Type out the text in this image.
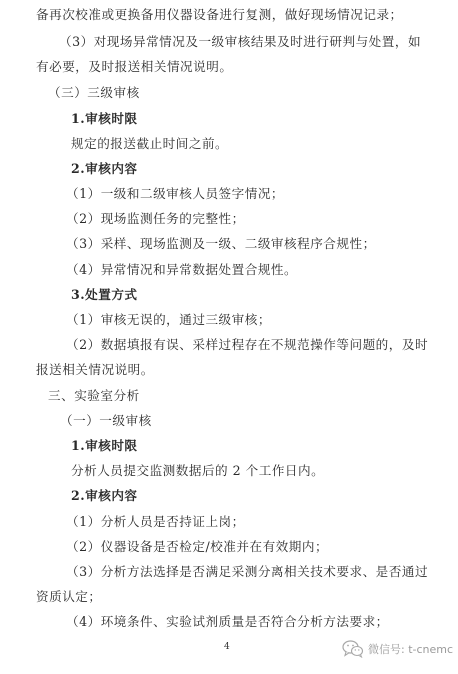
备再次校准或更换备用仪器设备进行复测，做好现场情况记录；
（3）对现场异常情况及一级审核结果及时进行研判与处置，如
有必要，及时报送相关情况说明。
（三）三级审核
1.审核时限
规定的报送截止时间之前。
2.审核内容
（1）一级和二级审核人员签字情况；
（2）现场监测任务的完整性；
（3）采样、现场监测及一级、二级审核程序合规性；
（4）异常情况和异常数据处置合规性。
3.处置方式
（1）审核无误的，通过三级审核；
（2）数据填报有误、采样过程存在不规范操作等问题的，及时
报送相关情况说明。
三、实验室分析
（一）一级审核
1.审核时限
分析人员提交监测数据后的 2 个工作日内。
2.审核内容
（1）分析人员是否持证上岗；
（2）仪器设备是否检定/校准并在有效期内；
（3）分析方法选择是否满足采测分离相关技术要求、是否通过
资质认定；
（4）环境条件、实验试剂质量是否符合分析方法要求；
4	微信号: t-cnemc
